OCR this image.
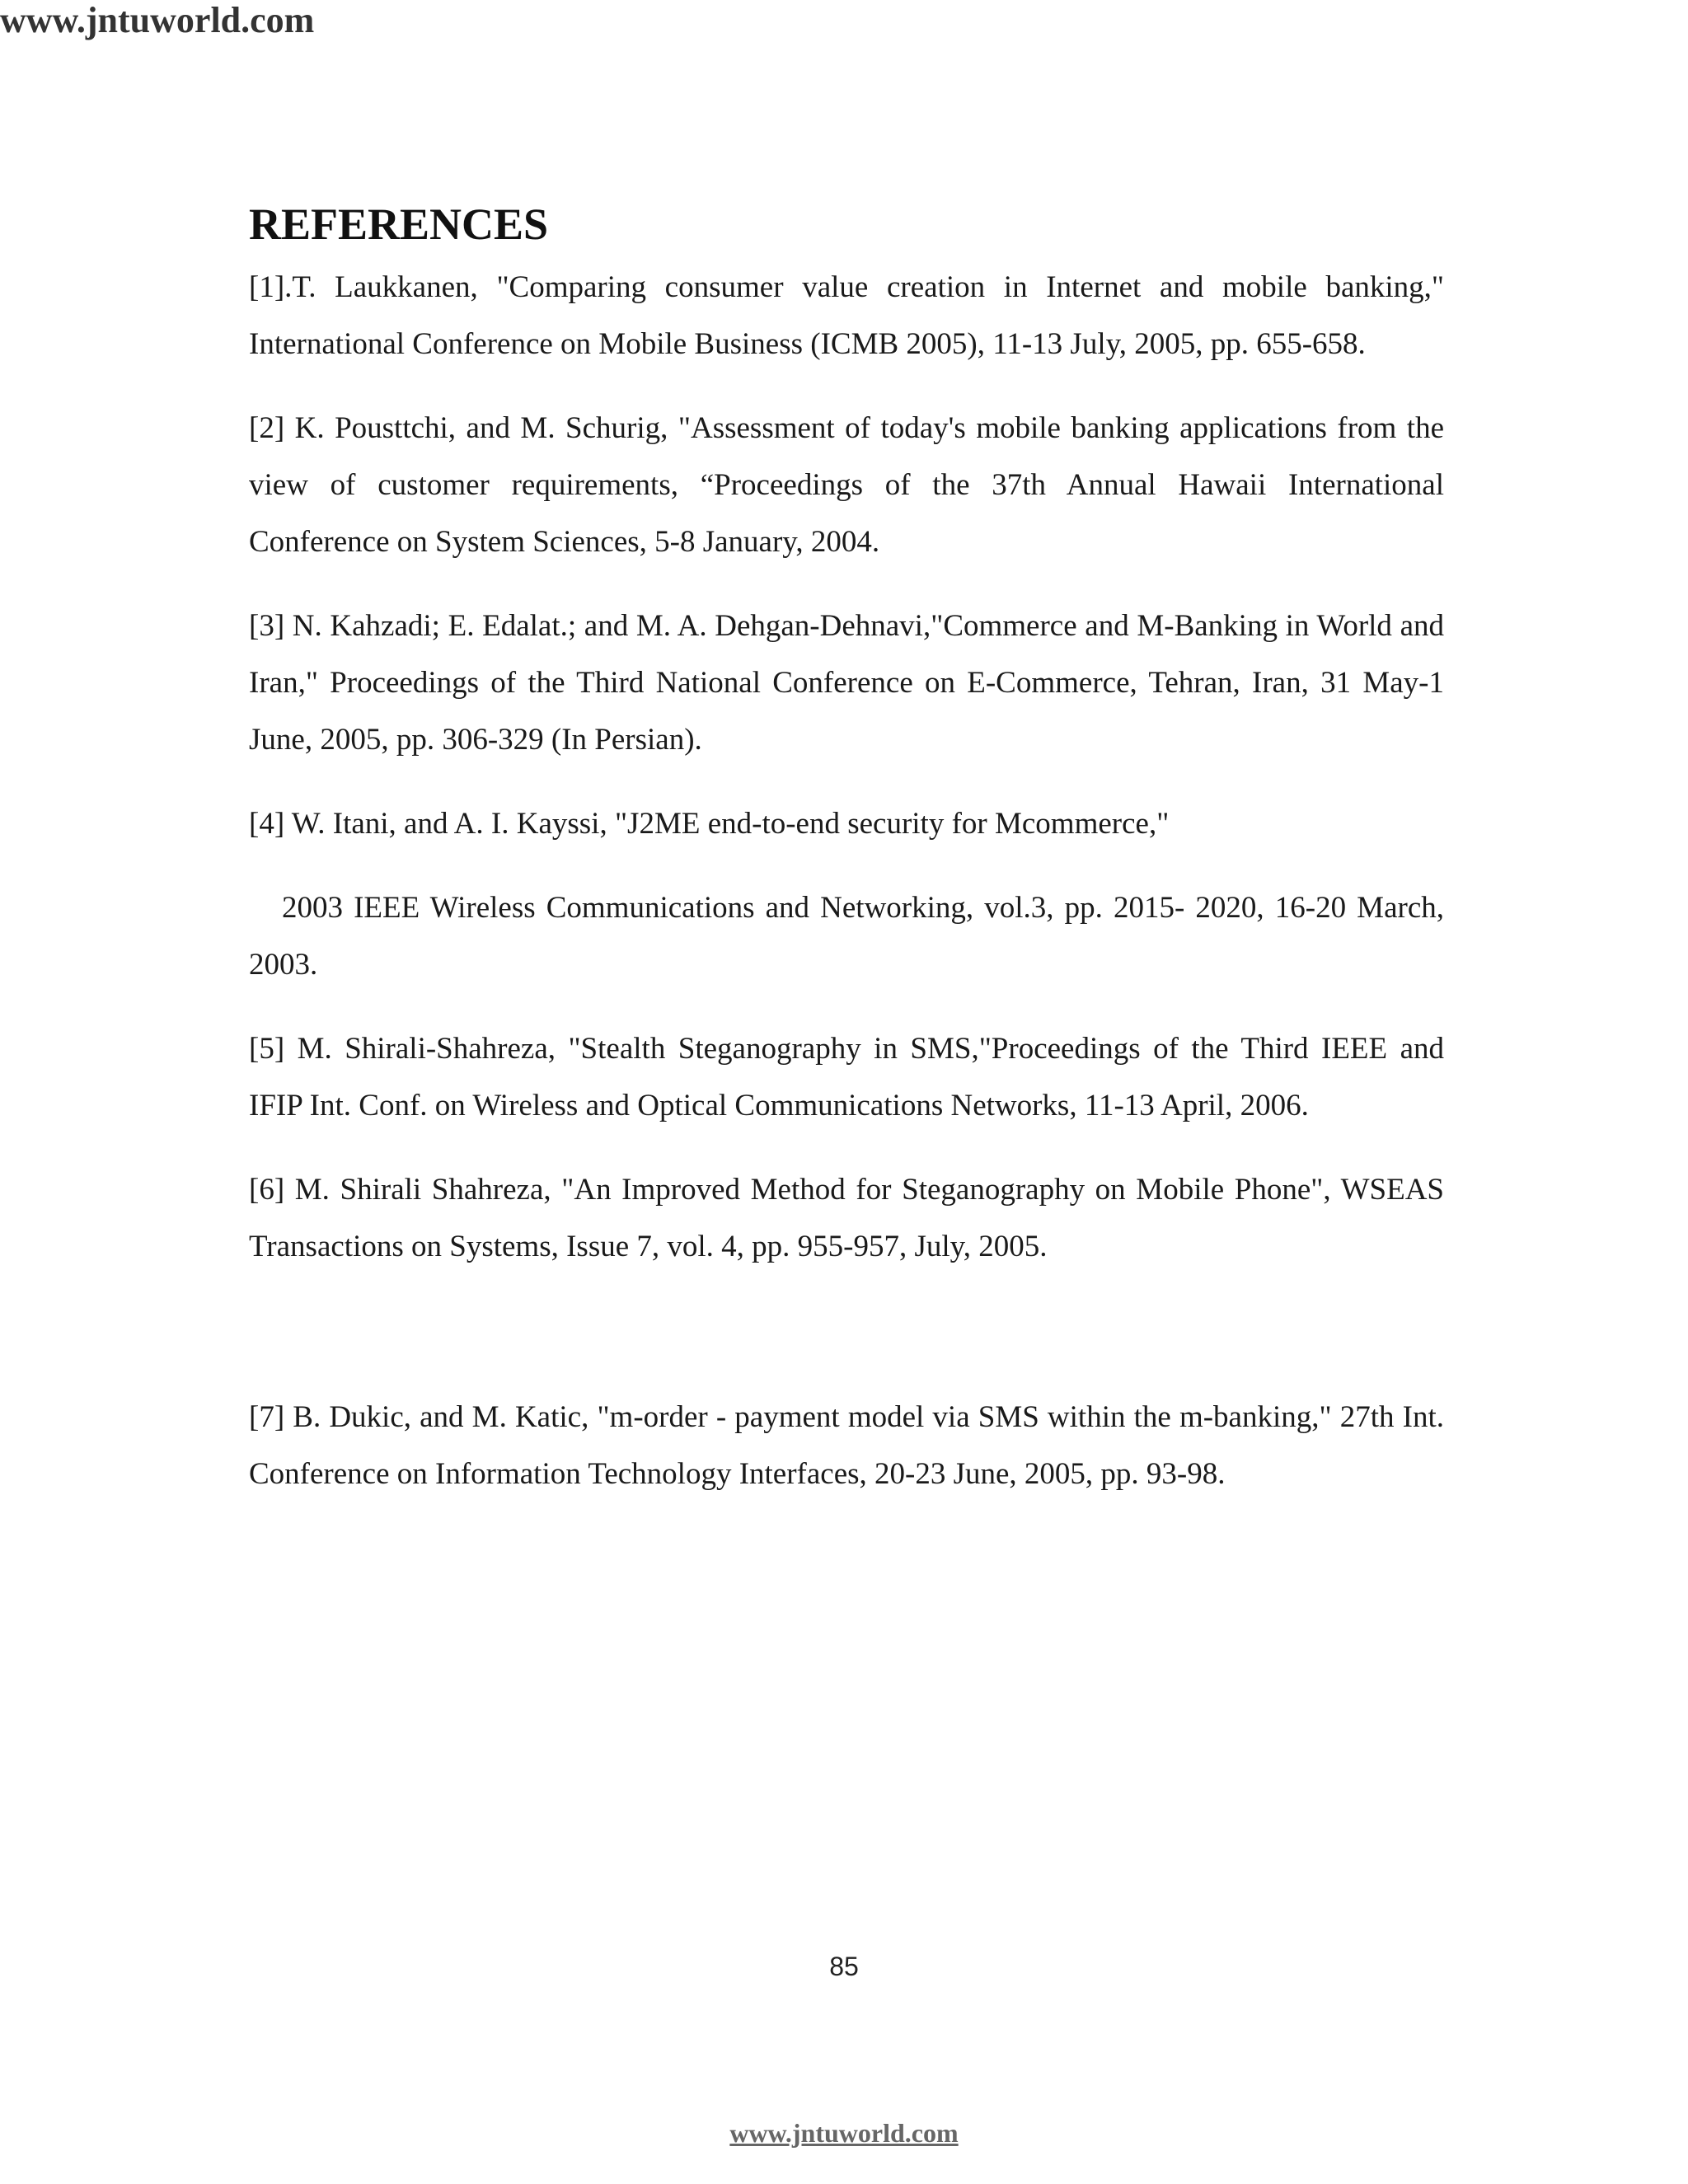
www.jntuworld.com
REFERENCES

[1].T. Laukkanen, "Comparing consumer value creation in Internet and mobile banking," International Conference on Mobile Business (ICMB 2005), 11-13 July, 2005, pp. 655-658.

[2] K. Pousttchi, and M. Schurig, "Assessment of today's mobile banking applications from the view of customer requirements, “Proceedings of the 37th Annual Hawaii International Conference on System Sciences, 5-8 January, 2004.

[3] N. Kahzadi; E. Edalat.; and M. A. Dehgan-Dehnavi,"Commerce and M-Banking in World and Iran," Proceedings of the Third National Conference on E-Commerce, Tehran, Iran, 31 May-1 June, 2005, pp. 306-329 (In Persian).

[4] W. Itani, and A. I. Kayssi, "J2ME end-to-end security for Mcommerce,"

2003 IEEE Wireless Communications and Networking, vol.3, pp. 2015- 2020, 16-20 March, 2003.

[5] M. Shirali-Shahreza, "Stealth Steganography in SMS,"Proceedings of the Third IEEE and IFIP Int. Conf. on Wireless and Optical Communications Networks, 11-13 April, 2006.

[6] M. Shirali Shahreza, "An Improved Method for Steganography on Mobile Phone", WSEAS Transactions on Systems, Issue 7, vol. 4, pp. 955-957, July, 2005.

[7] B. Dukic, and M. Katic, "m-order - payment model via SMS within the m-banking," 27th Int. Conference on Information Technology Interfaces, 20-23 June, 2005, pp. 93-98.

85
www.jntuworld.com
